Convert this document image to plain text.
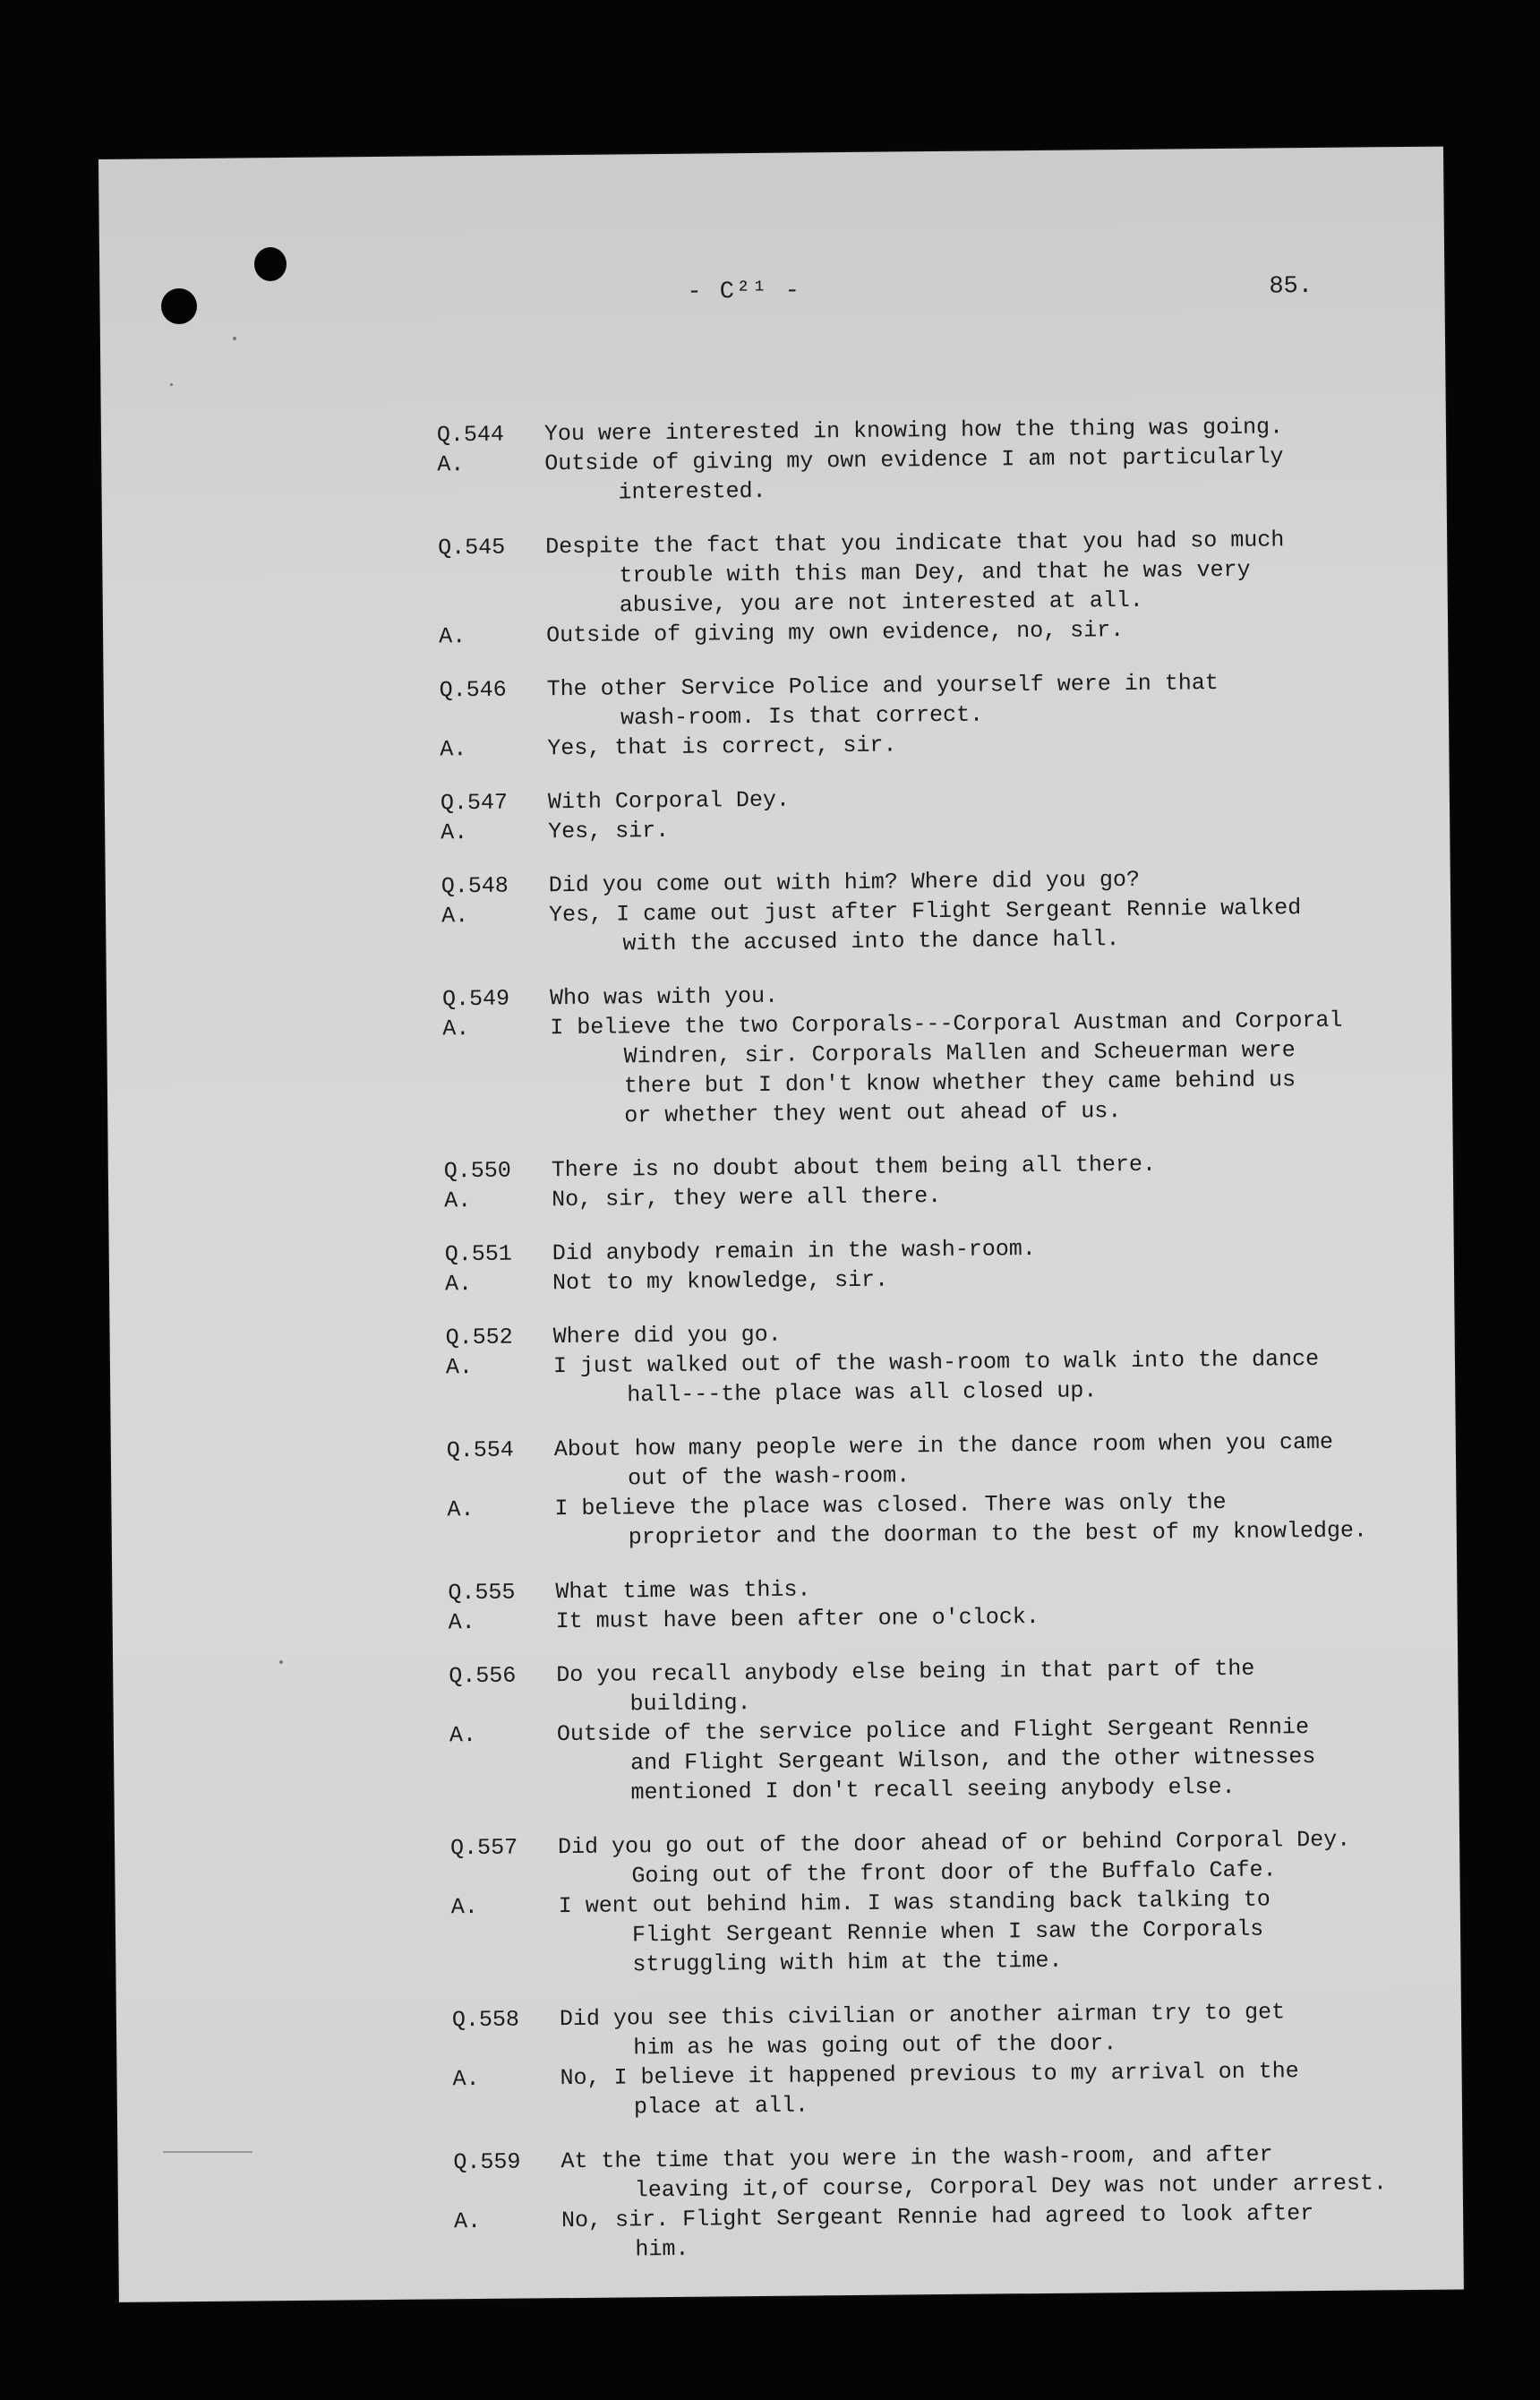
- C²¹ -	85.
Q.544	You were interested in knowing how the thing was going.
A.	Outside of giving my own evidence I am not particularly
interested.
Q.545	Despite the fact that you indicate that you had so much
trouble with this man Dey, and that he was very
abusive, you are not interested at all.
A.	Outside of giving my own evidence, no, sir.
Q.546	The other Service Police and yourself were in that
wash-room. Is that correct.
A.	Yes, that is correct, sir.
Q.547	With Corporal Dey.
A.	Yes, sir.
Q.548	Did you come out with him? Where did you go?
A.	Yes, I came out just after Flight Sergeant Rennie walked
with the accused into the dance hall.
Q.549	Who was with you.
A.	I believe the two Corporals---Corporal Austman and Corporal
Windren, sir. Corporals Mallen and Scheuerman were
there but I don't know whether they came behind us
or whether they went out ahead of us.
Q.550	There is no doubt about them being all there.
A.	No, sir, they were all there.
Q.551	Did anybody remain in the wash-room.
A.	Not to my knowledge, sir.
Q.552	Where did you go.
A.	I just walked out of the wash-room to walk into the dance
hall---the place was all closed up.
Q.554	About how many people were in the dance room when you came
out of the wash-room.
A.	I believe the place was closed. There was only the
proprietor and the doorman to the best of my knowledge.
Q.555	What time was this.
A.	It must have been after one o'clock.
Q.556	Do you recall anybody else being in that part of the
building.
A.	Outside of the service police and Flight Sergeant Rennie
and Flight Sergeant Wilson, and the other witnesses
mentioned I don't recall seeing anybody else.
Q.557	Did you go out of the door ahead of or behind Corporal Dey.
Going out of the front door of the Buffalo Cafe.
A.	I went out behind him. I was standing back talking to
Flight Sergeant Rennie when I saw the Corporals
struggling with him at the time.
Q.558	Did you see this civilian or another airman try to get
him as he was going out of the door.
A.	No, I believe it happened previous to my arrival on the
place at all.
Q.559	At the time that you were in the wash-room, and after
leaving it,of course, Corporal Dey was not under arrest.
A.	No, sir. Flight Sergeant Rennie had agreed to look after
him.
